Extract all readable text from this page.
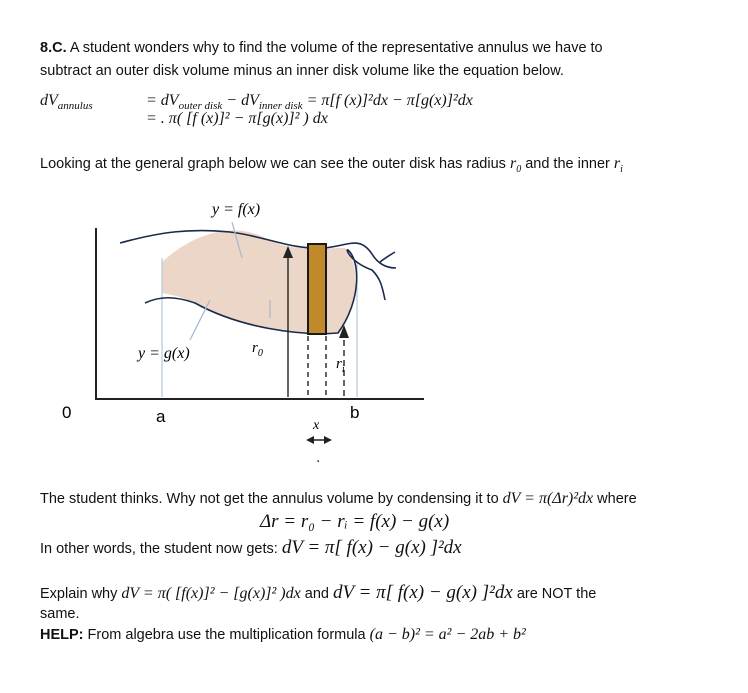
8.C. A student wonders why to find the volume of the representative annulus we have to
subtract an outer disk volume minus an inner disk volume like the equation below.
$dV_{annulus}$	= $dV_{outer disk} - dV_{inner disk} = \pi[f$ (x)]²dx − π[g(x)]²dx
= . π( [f (x)]² − π[g(x)]² ) dx
Looking at the general graph below we can see the outer disk has radius $r_0$ and the inner $r_i$
y = f(x)
y = g(x)	$r_0$
$r_i$
0	a	b
x
The student thinks. Why not get the annulus volume by condensing it to dV = π(Δr)²dx where
Δr = r₀ − rᵢ = f(x) − g(x)
In other words, the student now gets: dV = π[ f(x) − g(x) ]²dx
Explain why dV = π( [f(x)]² − [g(x)]² )dx and dV = π[ f(x) − g(x) ]²dx are NOT the
same.
HELP: From algebra use the multiplication formula (a − b)² = a² − 2ab + b²
